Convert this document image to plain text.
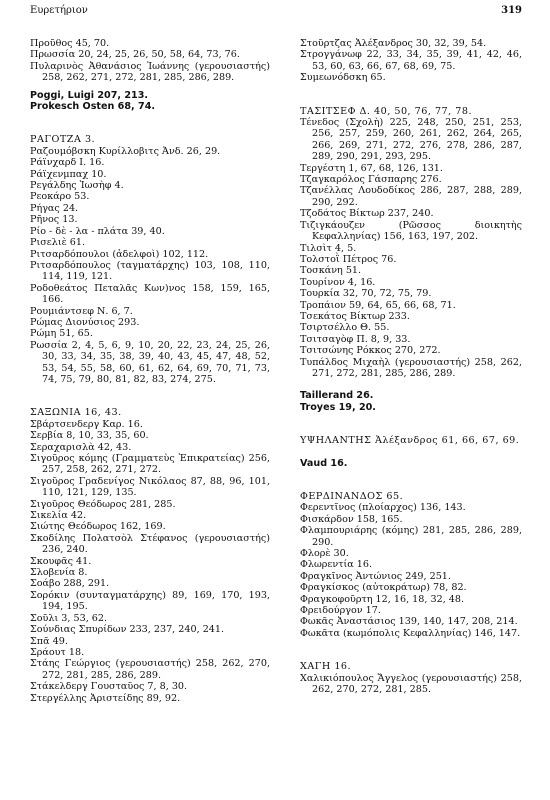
Ευρετήριον	319
Προῦθος 45, 70.
Πρωσσία 20, 24, 25, 26, 50, 58, 64, 73, 76.
Πυλαρινὸς Ἀθανάσιος Ἰωάννης (γερουσιαστής) 258, 262, 271, 272, 281, 285, 286, 289.
Poggi, Luigi 207, 213.
Prokesch Osten 68, 74.
ΡΑΓΟΤΖΑ 3.
Ραζουμόβσκη Κυρίλλοβιτς Ἀνδ. 26, 29.
Ράϊνχαρδ Ι. 16.
Ράϊχενμπαχ 10.
Ρεγάλδης Ἰωσὴφ 4.
Ρεοκάρο 53.
Ρήγας 24.
Ρῆνος 13.
Ρίο - δὲ - λα - πλάτα 39, 40.
Ρισελιὲ 61.
Ριτσαρδόπουλοι (ἀδελφοὶ) 102, 112.
Ριτσαρδόπουλος (ταγματάρχης) 103, 108, 110, 114, 119, 121.
Ροδοθεάτος Πεταλᾶς Κων)νος 158, 159, 165, 166.
Ρουμιάντσεφ Ν. 6, 7.
Ρώμας Διονύσιος 293.
Ρώμη 51, 65.
Ρωσσία 2, 4, 5, 6, 9, 10, 20, 22, 23, 24, 25, 26, 30, 33, 34, 35, 38, 39, 40, 43, 45, 47, 48, 52, 53, 54, 55, 58, 60, 61, 62, 64, 69, 70, 71, 73, 74, 75, 79, 80, 81, 82, 83, 274, 275.
ΣΑΞΩΝΙΑ 16, 43.
Σβάρτσενδεργ Καρ. 16.
Σερβία 8, 10, 33, 35, 60.
Σεραχαρισλὰ 42, 43.
Σιγοῦρος κόμης (Γραμματεὺς Ἐπικρατείας) 256, 257, 258, 262, 271, 272.
Σιγοῦρος Γραδενίγος Νικόλαος 87, 88, 96, 101, 110, 121, 129, 135.
Σιγοῦρος Θεόδωρος 281, 285.
Σικελία 42.
Σιώτης Θεόδωρος 162, 169.
Σκοδίλης Πολατσὸλ Στέφανος (γερουσιαστής) 236, 240.
Σκουφᾶς 41.
Σλοβενία 8.
Σοάβο 288, 291.
Σορόκιν (συνταγματάρχης) 89, 169, 170, 193, 194, 195.
Σοῦλι 3, 53, 62.
Σούνδιας Σπυρίδων 233, 237, 240, 241.
Σπᾶ 49.
Σράουτ 18.
Στάης Γεώργιος (γερουσιαστής) 258, 262, 270, 272, 281, 285, 286, 289.
Στάκελδεργ Γουσταῦος 7, 8, 30.
Στεργέλλης Ἀριστείδης 89, 92.
Στοῦρτζας Ἀλέξανδρος 30, 32, 39, 54.
Στρογγάνωφ 22, 33, 34, 35, 39, 41, 42, 46, 53, 60, 63, 66, 67, 68, 69, 75.
Συμεωνόδσκη 65.
ΤΑΣΙΤΣΕΦ Δ. 40, 50, 76, 77, 78.
Τένεδος (Σχολὴ) 225, 248, 250, 251, 253, 256, 257, 259, 260, 261, 262, 264, 265, 266, 269, 271, 272, 276, 278, 286, 287, 289, 290, 291, 293, 295.
Τεργέστη 1, 67, 68, 126, 131.
Τζαγκαρόλος Γάσπαρης 276.
Τζανέλλας Λουδοδίκος 286, 287, 288, 289, 290, 292.
Τζοδάτος Βίκτωρ 237, 240.
Τιζιγκάουζεν (Ρῶσσος διοικητὴς Κεφαλληνίας) 156, 163, 197, 202.
Τιλσὶτ 4, 5.
Τολστοῒ Πέτρος 76.
Τοσκάνη 51.
Τουρίνον 4, 16.
Τουρκία 32, 70, 72, 75, 79.
Τροπάιον 59, 64, 65, 66, 68, 71.
Τσεκάτος Βίκτωρ 233.
Τσιρτσέλλο Θ. 55.
Τσιτσαγὸφ Π. 8, 9, 33.
Τσιτσώνης Ρόκκος 270, 272.
Τυπάλδος Μιχαὴλ (γερουσιαστής) 258, 262, 271, 272, 281, 285, 286, 289.
Taillerand 26.
Troyes 19, 20.
ΥΨΗΛΑΝΤΗΣ Ἀλέξανδρος 61, 66, 67, 69.
Vaud 16.
ΦΕΡΔΙΝΑΝΔΟΣ 65.
Φερεντῖνος (πλοίαρχος) 136, 143.
Φισκάρδον 158, 165.
Φλαμπουριάρης (κόμης) 281, 285, 286, 289, 290.
Φλορὲ 30.
Φλωρεντία 16.
Φραγκῖνος Ἀντώνιος 249, 251.
Φραγκίσκος (αὐτοκράτωρ) 78, 82.
Φραγκοφοῦρτη 12, 16, 18, 32, 48.
Φρειδούργον 17.
Φωκᾶς Ἀναστάσιος 139, 140, 147, 208, 214.
Φωκᾶτα (κωμόπολις Κεφαλληνίας) 146, 147.
ΧΑΓΗ 16.
Χαλικιόπουλος Ἄγγελος (γερουσιαστής) 258, 262, 270, 272, 281, 285.
